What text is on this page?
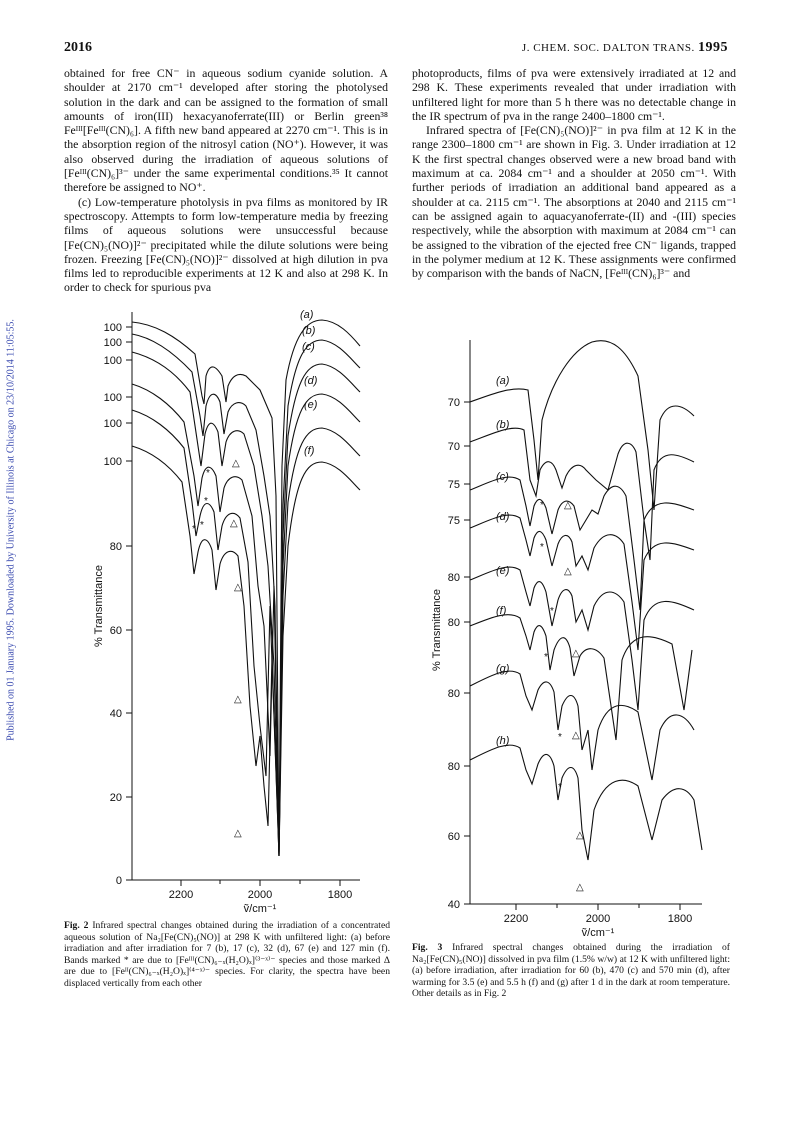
Published on 01 January 1995. Downloaded by University of Illinois at Chicago on 23/10/2014 11:05:55.
2016	J. CHEM. SOC. DALTON TRANS. 1995

obtained for free CN⁻ in aqueous sodium cyanide solution. A shoulder at 2170 cm⁻¹ developed after storing the photolysed solution in the dark and can be assigned to the formation of small amounts of iron(III) hexacyanoferrate(III) or Berlin green³⁸ Feᴵᴵᴵ[Feᴵᴵᴵ(CN)₆]. A fifth new band appeared at 2270 cm⁻¹. This is in the absorption region of the nitrosyl cation (NO⁺). However, it was also observed during the irradiation of aqueous solutions of [Feᴵᴵᴵ(CN)₆]³⁻ under the same experimental conditions.³⁵ It cannot therefore be assigned to NO⁺.

(c) Low-temperature photolysis in pva films as monitored by IR spectroscopy. Attempts to form low-temperature media by freezing films of aqueous solutions were unsuccessful because [Fe(CN)₅(NO)]²⁻ precipitated while the dilute solutions were being frozen. Freezing [Fe(CN)₅(NO)]²⁻ dissolved at high dilution in pva films led to reproducible experiments at 12 K and also at 298 K. In order to check for spurious pva

photoproducts, films of pva were extensively irradiated at 12 and 298 K. These experiments revealed that under irradiation with unfiltered light for more than 5 h there was no detectable change in the IR spectrum of pva in the range 2400–1800 cm⁻¹.

Infrared spectra of [Fe(CN)₅(NO)]²⁻ in pva film at 12 K in the range 2300–1800 cm⁻¹ are shown in Fig. 3. Under irradiation at 12 K the first spectral changes observed were a new broad band with maximum at ca. 2084 cm⁻¹ and a shoulder at 2050 cm⁻¹. With further periods of irradiation an additional band appeared as a shoulder at ca. 2115 cm⁻¹. The absorptions at 2040 and 2115 cm⁻¹ can be assigned again to aquacyanoferrate-(II) and -(III) species respectively, while the absorption with maximum at 2084 cm⁻¹ can be assigned to the vibration of the ejected free CN⁻ ligands, trapped in the polymer medium at 12 K. These assignments were confirmed by comparison with the bands of NaCN, [Feᴵᴵᴵ(CN)₆]³⁻ and

*
*
*
*
△
△
△
△
△
0
20
40
60
80
100
100
100
100
100
100
2200	2000	1800
ṽ/cm⁻¹
% Transmittance
(a)
(b)
(c)
(d)
(e)
(f)
*
*
*
*
*
*
△
△
△
△
△
△
40
60
80
80
80
80
75
75
70
70
2200	2000	1800
ṽ/cm⁻¹
% Transmittance
(a)
(b)
(c)
(d)
(e)
(f)
(g)
(h)
Fig. 2 Infrared spectral changes obtained during the irradiation of a concentrated aqueous solution of Na₂[Fe(CN)₅(NO)] at 298 K with unfiltered light: (a) before irradiation and after irradiation for 7 (b), 17 (c), 32 (d), 67 (e) and 127 min (f). Bands marked * are due to [Feᴵᴵᴵ(CN)₆₋ₓ(H₂O)ₓ]⁽³⁻ˣ⁾⁻ species and those marked Δ are due to [Feᴵᴵ(CN)₆₋ₓ(H₂O)ₓ]⁽⁴⁻ˣ⁾⁻ species. For clarity, the spectra have been displaced vertically from each other
Fig. 3 Infrared spectral changes obtained during the irradiation of Na₂[Fe(CN)₅(NO)] dissolved in pva film (1.5% w/w) at 12 K with unfiltered light: (a) before irradiation, after irradiation for 60 (b), 470 (c) and 570 min (d), after warming for 3.5 (e) and 5.5 h (f) and (g) after 1 d in the dark at room temperature. Other details as in Fig. 2
